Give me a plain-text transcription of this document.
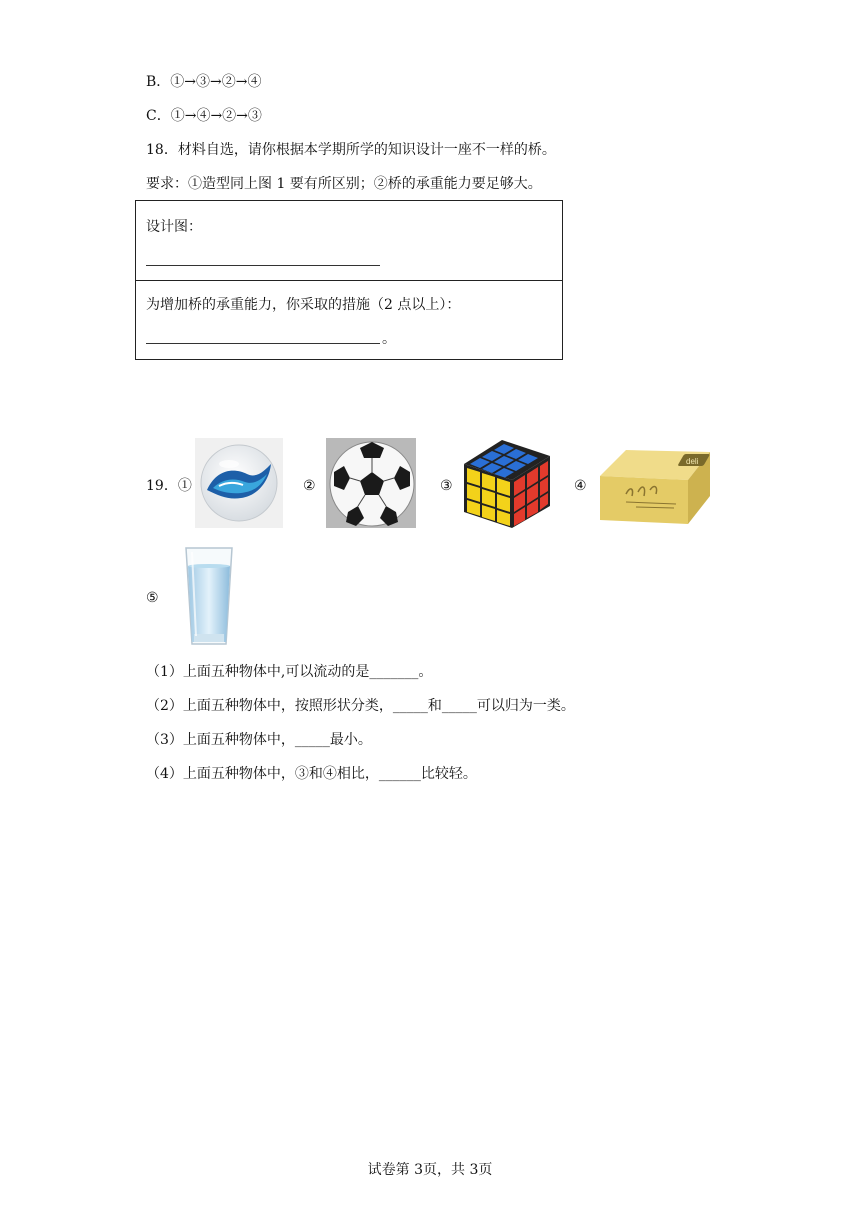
B．①→③→②→④
C．①→④→②→③
18．材料自选，请你根据本学期所学的知识设计一座不一样的桥。
要求：①造型同上图 1 要有所区别；②桥的承重能力要足够大。
设计图：
为增加桥的承重能力，你采取的措施（2 点以上）：
。
19．①	②	③	④
deli
⑤
（1）上面五种物体中,可以流动的是_______。
（2）上面五种物体中，按照形状分类，_____和_____可以归为一类。
（3）上面五种物体中，_____最小。
（4）上面五种物体中，③和④相比，______比较轻。
试卷第 3页，共 3页
